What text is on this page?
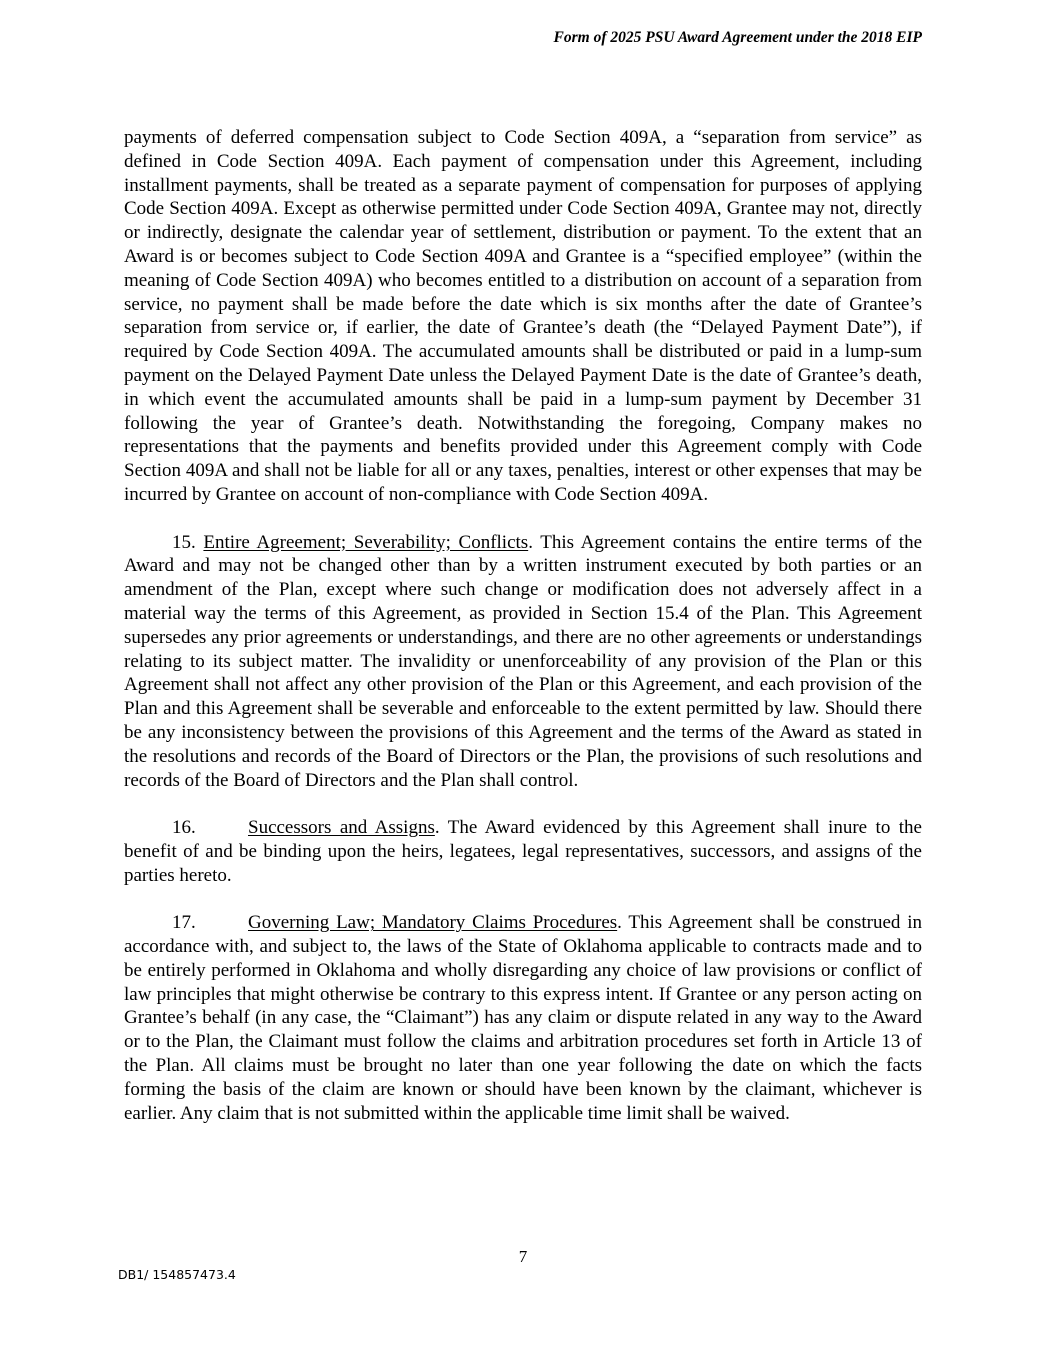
Form of 2025 PSU Award Agreement under the 2018 EIP

payments of deferred compensation subject to Code Section 409A, a “separation from service” as defined in Code Section 409A. Each payment of compensation under this Agreement, including installment payments, shall be treated as a separate payment of compensation for purposes of applying Code Section 409A. Except as otherwise permitted under Code Section 409A, Grantee may not, directly or indirectly, designate the calendar year of settlement, distribution or payment. To the extent that an Award is or becomes subject to Code Section 409A and Grantee is a “specified employee” (within the meaning of Code Section 409A) who becomes entitled to a distribution on account of a separation from service, no payment shall be made before the date which is six months after the date of Grantee’s separation from service or, if earlier, the date of Grantee’s death (the “Delayed Payment Date”), if required by Code Section 409A. The accumulated amounts shall be distributed or paid in a lump-sum payment on the Delayed Payment Date unless the Delayed Payment Date is the date of Grantee’s death, in which event the accumulated amounts shall be paid in a lump-sum payment by December 31 following the year of Grantee’s death. Notwithstanding the foregoing, Company makes no representations that the payments and benefits provided under this Agreement comply with Code Section 409A and shall not be liable for all or any taxes, penalties, interest or other expenses that may be incurred by Grantee on account of non-compliance with Code Section 409A.

15. Entire Agreement; Severability; Conflicts. This Agreement contains the entire terms of the Award and may not be changed other than by a written instrument executed by both parties or an amendment of the Plan, except where such change or modification does not adversely affect in a material way the terms of this Agreement, as provided in Section 15.4 of the Plan. This Agreement supersedes any prior agreements or understandings, and there are no other agreements or understandings relating to its subject matter. The invalidity or unenforceability of any provision of the Plan or this Agreement shall not affect any other provision of the Plan or this Agreement, and each provision of the Plan and this Agreement shall be severable and enforceable to the extent permitted by law. Should there be any inconsistency between the provisions of this Agreement and the terms of the Award as stated in the resolutions and records of the Board of Directors or the Plan, the provisions of such resolutions and records of the Board of Directors and the Plan shall control.

16.	Successors and Assigns. The Award evidenced by this Agreement shall inure to the benefit of and be binding upon the heirs, legatees, legal representatives, successors, and assigns of the parties hereto.

17.	Governing Law; Mandatory Claims Procedures. This Agreement shall be construed in accordance with, and subject to, the laws of the State of Oklahoma applicable to contracts made and to be entirely performed in Oklahoma and wholly disregarding any choice of law provisions or conflict of law principles that might otherwise be contrary to this express intent. If Grantee or any person acting on Grantee’s behalf (in any case, the “Claimant”) has any claim or dispute related in any way to the Award or to the Plan, the Claimant must follow the claims and arbitration procedures set forth in Article 13 of the Plan. All claims must be brought no later than one year following the date on which the facts forming the basis of the claim are known or should have been known by the claimant, whichever is earlier. Any claim that is not submitted within the applicable time limit shall be waived.

7
DB1/ 154857473.4
